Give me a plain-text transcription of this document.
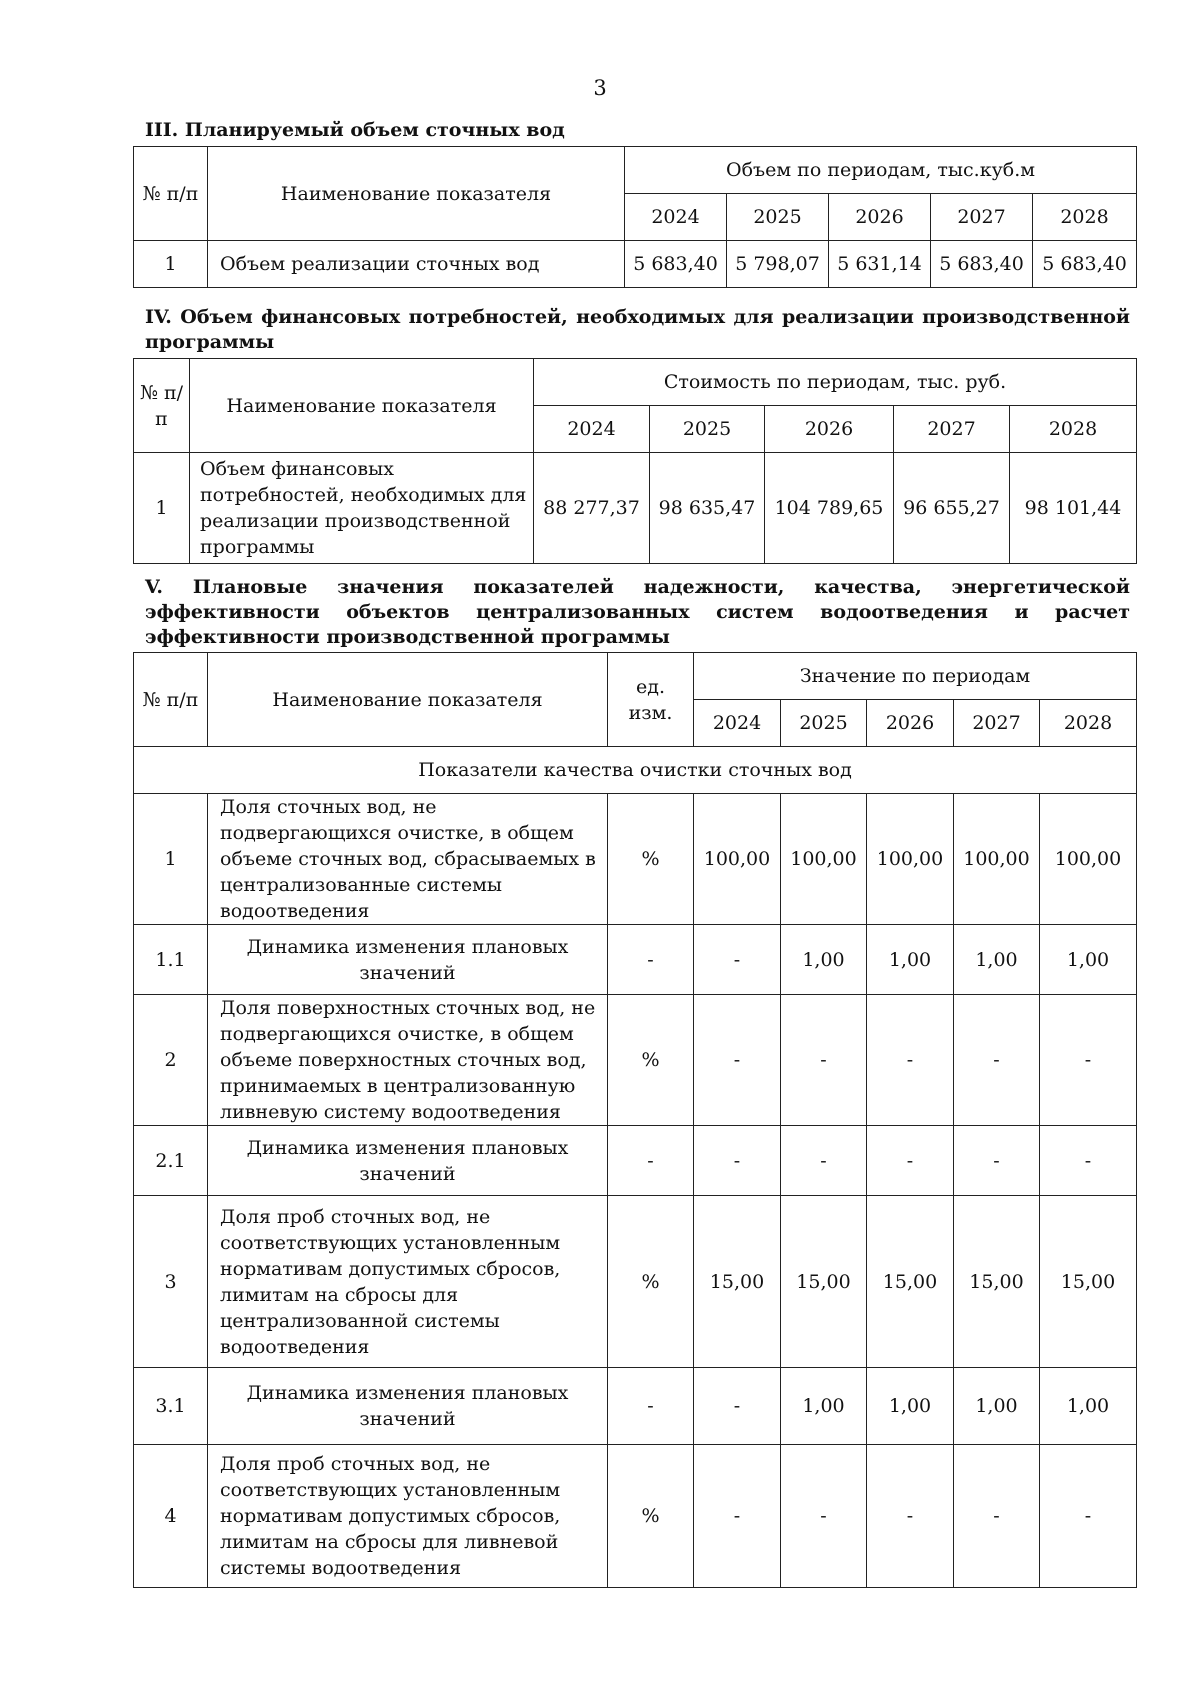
3
III. Планируемый объем сточных вод
№ п/п	Наименование показателя	Объем по периодам, тыс.куб.м				
		2024	2025	2026	2027	2028
1	Объем реализации сточных вод	5 683,40	5 798,07	5 631,14	5 683,40	5 683,40
IV. Объем финансовых потребностей, необходимых для реализации производственной программы
№ п/п	Наименование показателя	Стоимость по периодам, тыс. руб.				
		2024	2025	2026	2027	2028
1	Объем финансовых потребностей, необходимых для реализации производственной программы	88 277,37	98 635,47	104 789,65	96 655,27	98 101,44
V. Плановые значения показателей надежности, качества, энергетической эффективности объектов централизованных систем водоотведения и расчет эффективности производственной программы
№ п/п	Наименование показателя	ед. изм.	Значение по периодам				
			2024	2025	2026	2027	2028
Показатели качества очистки сточных вод							
1	Доля сточных вод, не подвергающихся очистке, в общем объеме сточных вод, сбрасываемых в централизованные системы водоотведения	%	100,00	100,00	100,00	100,00	100,00
1.1	Динамика изменения плановых значений	-	-	1,00	1,00	1,00	1,00
2	Доля поверхностных сточных вод, не подвергающихся очистке, в общем объеме поверхностных сточных вод, принимаемых в централизованную ливневую систему водоотведения	%	-	-	-	-	-
2.1	Динамика изменения плановых значений	-	-	-	-	-	-
3	Доля проб сточных вод, не соответствующих установленным нормативам допустимых сбросов, лимитам на сбросы для централизованной системы водоотведения	%	15,00	15,00	15,00	15,00	15,00
3.1	Динамика изменения плановых значений	-	-	1,00	1,00	1,00	1,00
4	Доля проб сточных вод, не соответствующих установленным нормативам допустимых сбросов, лимитам на сбросы для ливневой системы водоотведения	%	-	-	-	-	-
